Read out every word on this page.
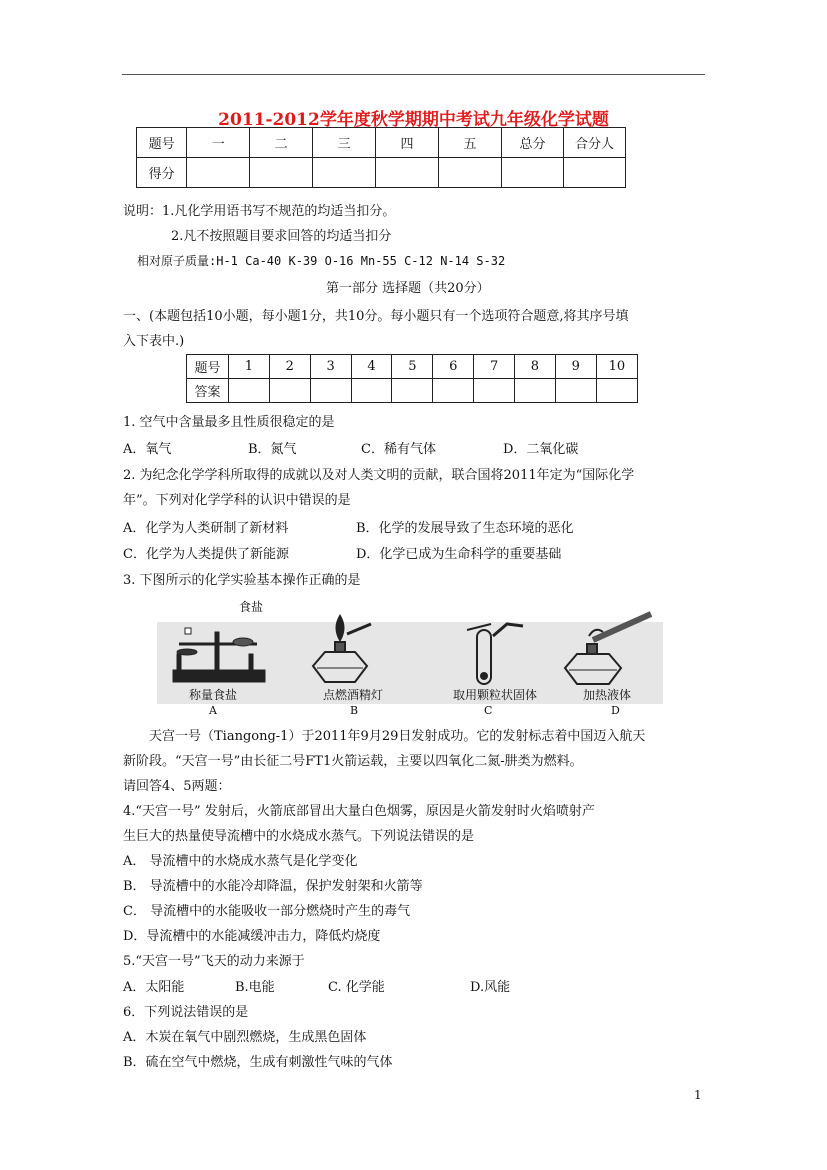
2011-2012学年度秋学期期中考试九年级化学试题
题号	一	二	三	四	五	总分	合分人
得分							
说明：1.凡化学用语书写不规范的均适当扣分。
2.凡不按照题目要求回答的均适当扣分
相对原子质量:H-1 Ca-40 K-39 O-16 Mn-55 C-12 N-14 S-32
第一部分 选择题（共20分）
一、(本题包括10小题，每小题1分，共10分。每小题只有一个选项符合题意,将其序号填
入下表中.)
题号	1	2	3	4	5	6	7	8	9	10
答案										
1. 空气中含量最多且性质很稳定的是
A．氧气	B．氮气	C．稀有气体	D．二氧化碳
2. 为纪念化学学科所取得的成就以及对人类文明的贡献，联合国将2011年定为“国际化学
年”。下列对化学学科的认识中错误的是
A．化学为人类研制了新材料	B．化学的发展导致了生态环境的恶化
C．化学为人类提供了新能源	D．化学已成为生命科学的重要基础
3. 下图所示的化学实验基本操作正确的是
食盐
称量食盐	点燃酒精灯	取用颗粒状固体	加热液体
A	B	C	D
天宫一号（Tiangong-1）于2011年9月29日发射成功。它的发射标志着中国迈入航天
新阶段。“天宫一号”由长征二号FT1火箭运载，主要以四氧化二氮-肼类为燃料。
请回答4、5两题：
4.“天宫一号” 发射后，火箭底部冒出大量白色烟雾，原因是火箭发射时火焰喷射产
生巨大的热量使导流槽中的水烧成水蒸气。下列说法错误的是
A． 导流槽中的水烧成水蒸气是化学变化
B． 导流槽中的水能冷却降温，保护发射架和火箭等
C． 导流槽中的水能吸收一部分燃烧时产生的毒气
D．导流槽中的水能减缓冲击力，降低灼烧度
5.“天宫一号”飞天的动力来源于
A．太阳能	B.电能	C. 化学能	D.风能
6．下列说法错误的是
A．木炭在氧气中剧烈燃烧，生成黑色固体
B．硫在空气中燃烧，生成有刺激性气味的气体
1
